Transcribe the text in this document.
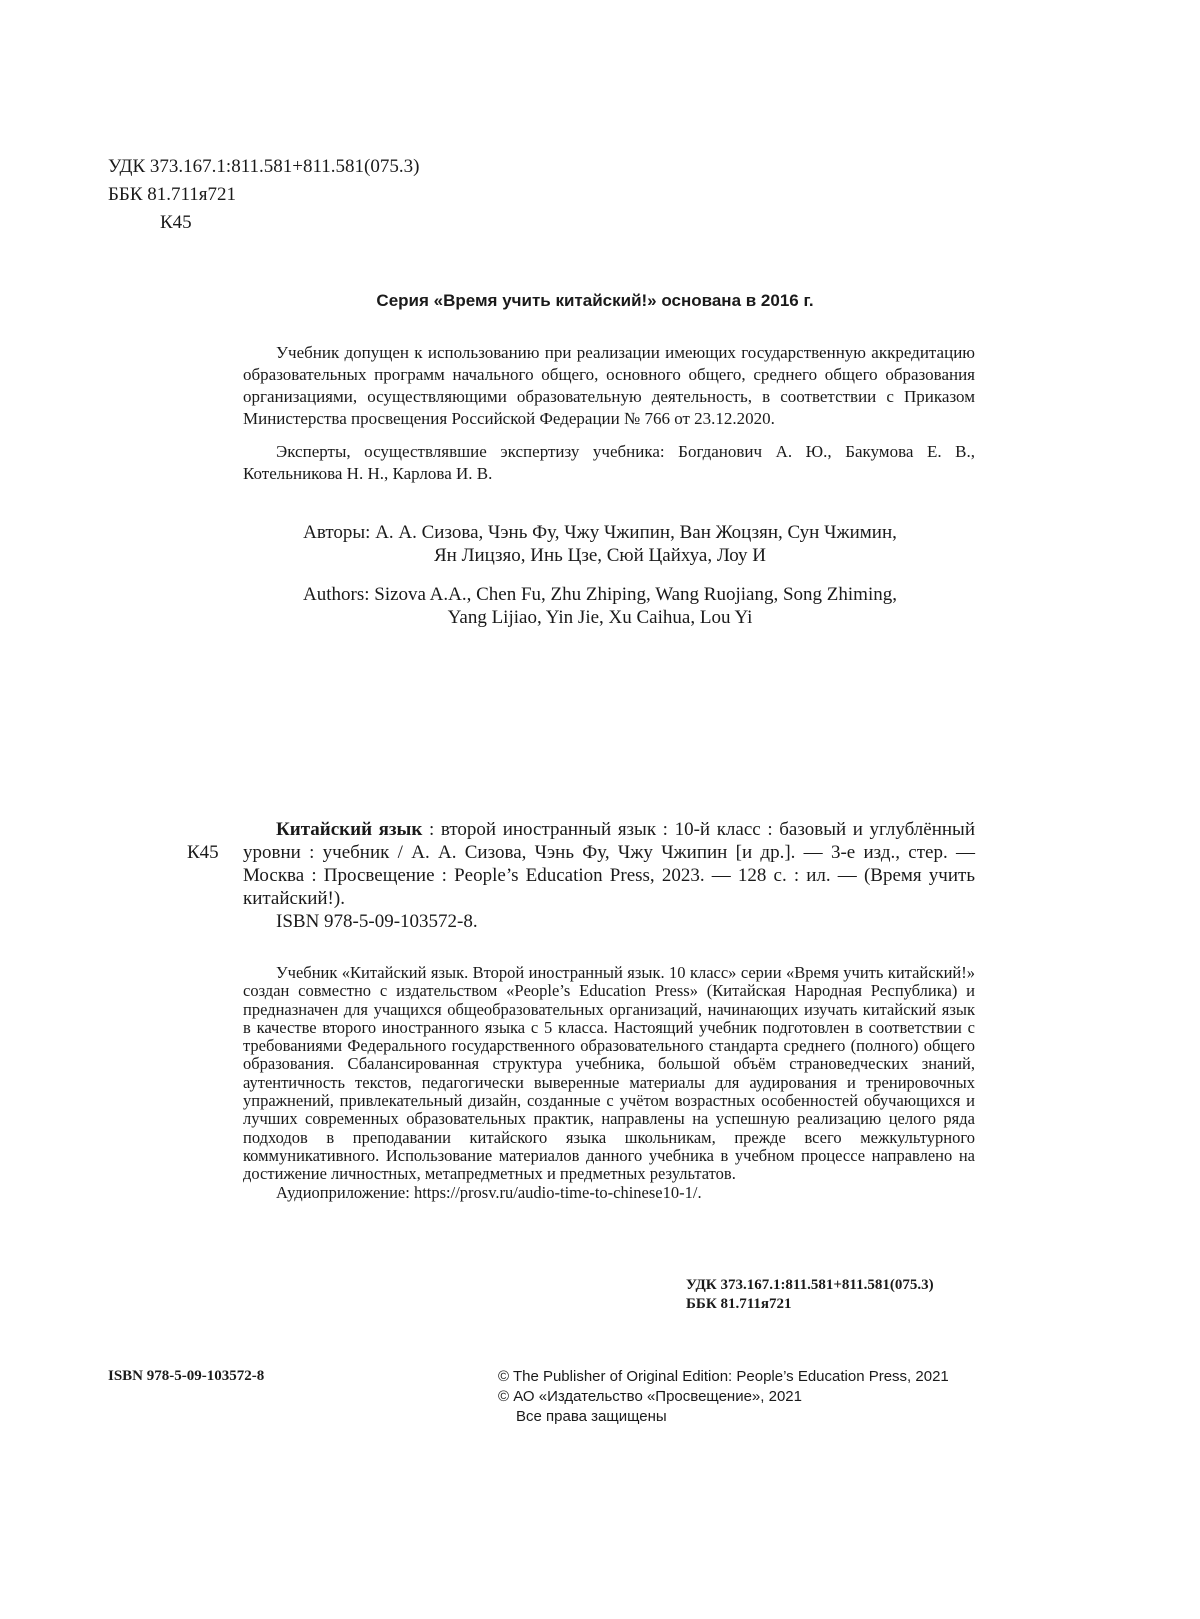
УДК 373.167.1:811.581+811.581(075.3)
ББК 81.711я721
К45
Серия «Время учить китайский!» основана в 2016 г.

Учебник допущен к использованию при реализации имеющих государственную аккредитацию образовательных программ начального общего, основного общего, среднего общего образования организациями, осуществляющими образовательную деятельность, в соответствии с Приказом Министерства просвещения Российской Федерации № 766 от 23.12.2020.

Эксперты, осуществлявшие экспертизу учебника: Богданович А. Ю., Бакумова Е. В., Котельникова Н. Н., Карлова И. В.

Авторы: А. А. Сизова, Чэнь Фу, Чжу Чжипин, Ван Жоцзян, Сун Чжимин,
Ян Лицзяо, Инь Цзе, Сюй Цайхуа, Лоу И
Authors: Sizova A.A., Chen Fu, Zhu Zhiping, Wang Ruojiang, Song Zhiming,
Yang Lijiao, Yin Jie, Xu Caihua, Lou Yi
К45
Китайский язык : второй иностранный язык : 10-й класс : базовый и углублённый уровни : учебник / А. А. Сизова, Чэнь Фу, Чжу Чжипин [и др.]. — 3-е изд., стер. — Москва : Просвещение : People’s Education Press, 2023. — 128 с. : ил. — (Время учить китайский!).
ISBN 978-5-09-103572-8.
Учебник «Китайский язык. Второй иностранный язык. 10 класс» серии «Время учить китайский!» создан совместно с издательством «People’s Education Press» (Китайская Народная Республика) и предназначен для учащихся общеобразовательных организаций, начинающих изучать китайский язык в качестве второго иностранного языка с 5 класса. Настоящий учебник подготовлен в соответствии с требованиями Федерального государственного образовательного стандарта среднего (полного) общего образования. Сбалансированная структура учебника, большой объём страноведческих знаний, аутентичность текстов, педагогически выверенные материалы для аудирования и тренировочных упражнений, привлекательный дизайн, созданные с учётом возрастных особенностей обучающихся и лучших современных образовательных практик, направлены на успешную реализацию целого ряда подходов в преподавании китайского языка школьникам, прежде всего межкультурного коммуникативного. Использование материалов данного учебника в учебном процессе направлено на достижение личностных, метапредметных и предметных результатов.
Аудиоприложение: https://prosv.ru/audio-time-to-chinese10-1/.
УДК 373.167.1:811.581+811.581(075.3)
ББК 81.711я721
ISBN 978-5-09-103572-8	© The Publisher of Original Edition: People’s Education Press, 2021
© АО «Издательство «Просвещение», 2021
Все права защищены
